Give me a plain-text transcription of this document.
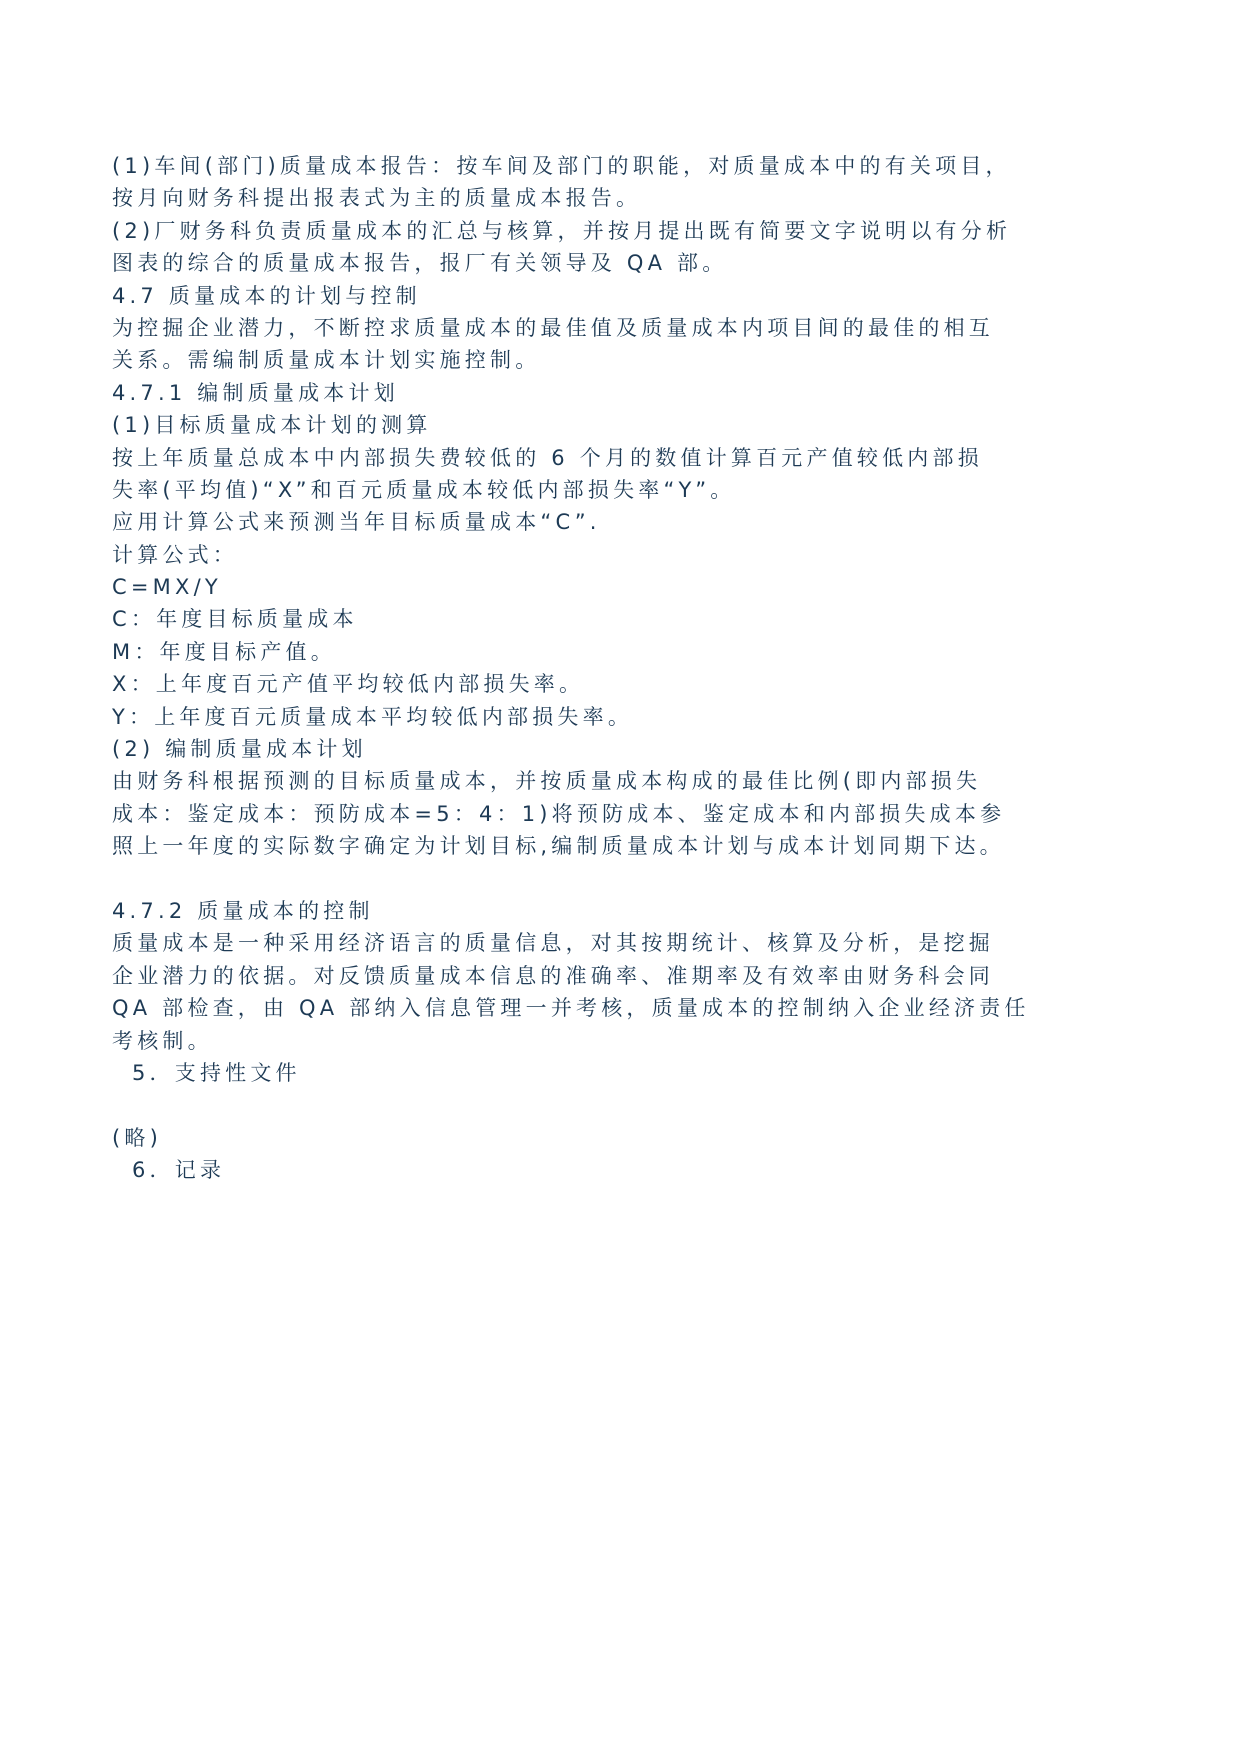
(1)车间(部门)质量成本报告：按车间及部门的职能，对质量成本中的有关项目，
按月向财务科提出报表式为主的质量成本报告。
(2)厂财务科负责质量成本的汇总与核算，并按月提出既有简要文字说明以有分析
图表的综合的质量成本报告，报厂有关领导及 QA 部。
4.7 质量成本的计划与控制
为控掘企业潜力，不断控求质量成本的最佳值及质量成本内项目间的最佳的相互
关系。需编制质量成本计划实施控制。
4.7.1 编制质量成本计划
(1)目标质量成本计划的测算
按上年质量总成本中内部损失费较低的 6 个月的数值计算百元产值较低内部损
失率(平均值)“X”和百元质量成本较低内部损失率“Y”。
应用计算公式来预测当年目标质量成本“C”.
计算公式：
C=MX/Y
C：年度目标质量成本
M：年度目标产值。
X：上年度百元产值平均较低内部损失率。
Y：上年度百元质量成本平均较低内部损失率。
(2) 编制质量成本计划
由财务科根据预测的目标质量成本，并按质量成本构成的最佳比例(即内部损失
成本：鉴定成本：预防成本=5：4：1)将预防成本、鉴定成本和内部损失成本参
照上一年度的实际数字确定为计划目标,编制质量成本计划与成本计划同期下达。
4.7.2 质量成本的控制
质量成本是一种采用经济语言的质量信息，对其按期统计、核算及分析，是挖掘
企业潜力的依据。对反馈质量成本信息的准确率、准期率及有效率由财务科会同
QA 部检查，由 QA 部纳入信息管理一并考核，质量成本的控制纳入企业经济责任
考核制。
5．支持性文件
(略)
6．记录
